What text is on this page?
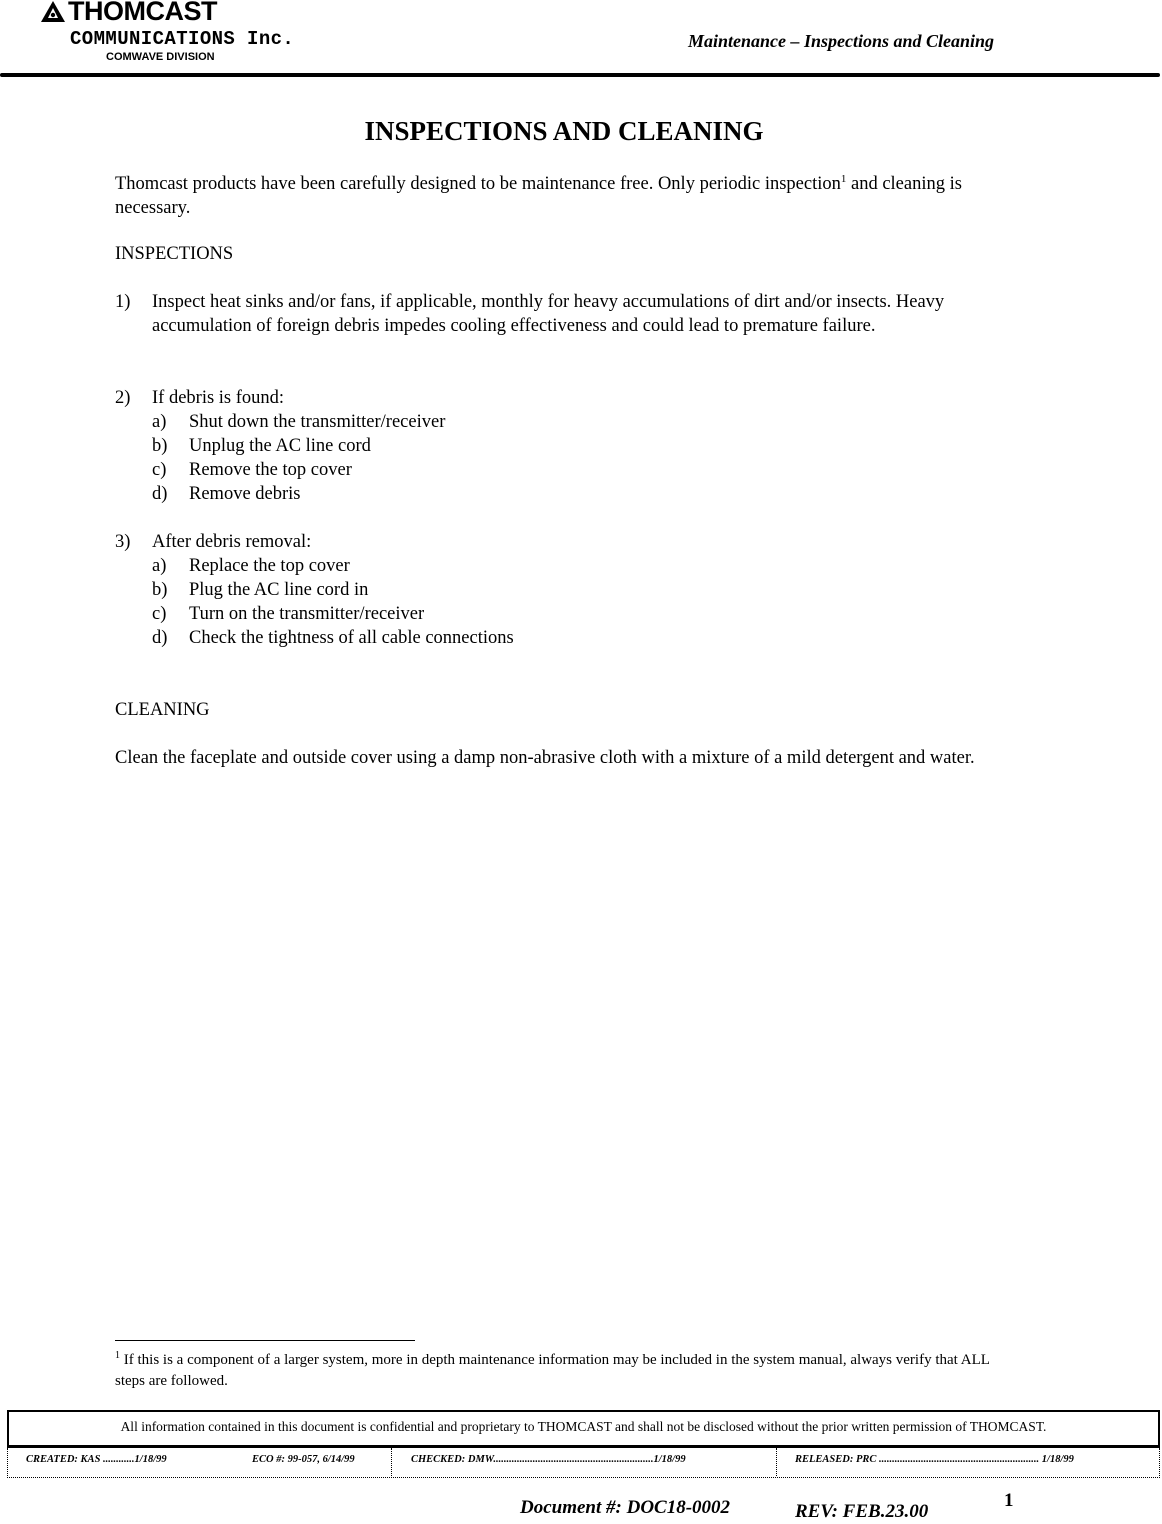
THOMCAST
COMMUNICATIONS Inc.
COMWAVE DIVISION
Maintenance – Inspections and Cleaning
INSPECTIONS AND CLEANING
Thomcast products have been carefully designed to be maintenance free. Only periodic inspection$^1$ and cleaning is necessary.
INSPECTIONS
1) Inspect heat sinks and/or fans, if applicable, monthly for heavy accumulations of dirt and/or insects. Heavy accumulation of foreign debris impedes cooling effectiveness and could lead to premature failure.
2) If debris is found:
a) Shut down the transmitter/receiver
b) Unplug the AC line cord
c) Remove the top cover
d) Remove debris
3) After debris removal:
a) Replace the top cover
b) Plug the AC line cord in
c) Turn on the transmitter/receiver
d) Check the tightness of all cable connections
CLEANING
Clean the faceplate and outside cover using a damp non-abrasive cloth with a mixture of a mild detergent and water.
$^1$ If this is a component of a larger system, more in depth maintenance information may be included in the system manual, always verify that ALL steps are followed.
All information contained in this document is confidential and proprietary to THOMCAST and shall not be disclosed without the prior written permission of THOMCAST.
CREATED: KAS ............1/18/99	ECO #: 99-057, 6/14/99	CHECKED: DMW.............................................................1/18/99	RELEASED: PRC ............................................................. 1/18/99
Document #: DOC18-0002	REV: FEB.23.00
1
